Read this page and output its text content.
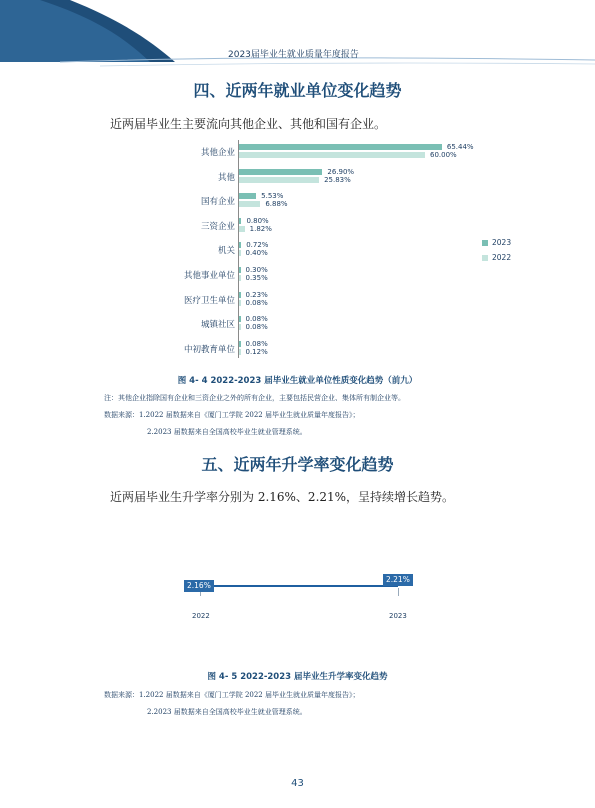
2023届毕业生就业质量年度报告
四、近两年就业单位变化趋势
近两届毕业生主要流向其他企业、其他和国有企业。
其他企业
65.44%
60.00%
其他
26.90%
25.83%
国有企业
5.53%
6.88%
三资企业
0.80%
1.82%
机关
0.72%
0.40%
其他事业单位
0.30%
0.35%
医疗卫生单位
0.23%
0.08%
城镇社区
0.08%
0.08%
中初教育单位
0.08%
0.12%
2023
2022
图 4- 4 2022-2023 届毕业生就业单位性质变化趋势（前九）
注：其他企业指除国有企业和三资企业之外的所有企业，主要包括民营企业、集体所有制企业等。
数据来源：1.2022 届数据来自《厦门工学院 2022 届毕业生就业质量年度报告》；
2.2023 届数据来自全国高校毕业生就业管理系统。
五、近两年升学率变化趋势
近两届毕业生升学率分别为 2.16%、2.21%，呈持续增长趋势。
2.16%
2.21%
2022	2023
图 4- 5 2022-2023 届毕业生升学率变化趋势
数据来源：1.2022 届数据来自《厦门工学院 2022 届毕业生就业质量年度报告》；
2.2023 届数据来自全国高校毕业生就业管理系统。
43
